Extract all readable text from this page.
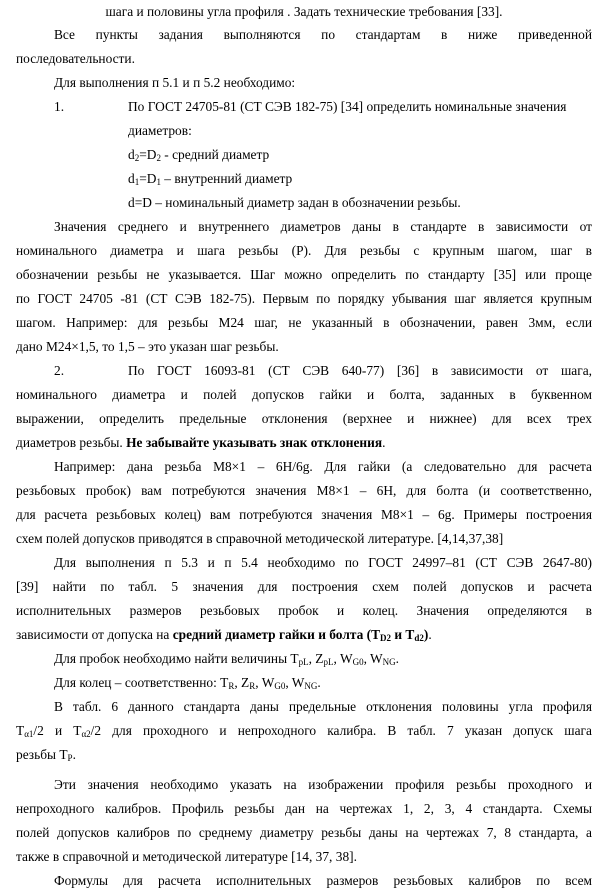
шага и половины угла профиля . Задать технические требования [33].
Все пункты задания выполняются по стандартам в ниже приведенной
последовательности.
Для выполнения п 5.1 и п 5.2 необходимо:
1.	По ГОСТ 24705-81 (СТ СЭВ 182-75) [34] определить номинальные значения
диаметров:
$d_2=D_2$ - средний диаметр
$d_1=D_1$ – внутренний диаметр
d=D – номинальный диаметр задан в обозначении резьбы.
Значения среднего и внутреннего диаметров даны в стандарте в зависимости от
номинального диаметра и шага резьбы (Р). Для резьбы с крупным шагом, шаг в
обозначении резьбы не указывается. Шаг можно определить по стандарту [35] или проще
по ГОСТ 24705 -81 (СТ СЭВ 182-75). Первым по порядку убывания шаг является крупным
шагом. Например: для резьбы М24 шаг, не указанный в обозначении, равен 3мм, если
дано М24×1,5, то 1,5 – это указан шаг резьбы.
2.	По ГОСТ 16093-81 (СТ СЭВ 640-77) [36] в зависимости от шага,
номинального диаметра и полей допусков гайки и болта, заданных в буквенном
выражении, определить предельные отклонения (верхнее и нижнее) для всех трех
диаметров резьбы. Не забывайте указывать знак отклонения.
Например: дана резьба М8×1 – 6Н/6g. Для гайки (а следовательно для расчета
резьбовых пробок) вам потребуются значения М8×1 – 6Н, для болта (и соответственно,
для расчета резьбовых колец) вам потребуются значения М8×1 – 6g. Примеры построения
схем полей допусков приводятся в справочной методической литературе. [4,14,37,38]
Для выполнения п 5.3 и п 5.4 необходимо по ГОСТ 24997–81 (СТ СЭВ 2647-80)
[39] найти по табл. 5 значения для построения схем полей допусков и расчета
исполнительных размеров резьбовых пробок и колец. Значения определяются в
зависимости от допуска на средний диаметр гайки и болта ($T_{D2}$ и $T_{d2}$).
Для пробок необходимо найти величины $T_{pL}$, $Z_{pL}$, $W_{G0}$, $W_{NG}$.
Для колец – соответственно: $T_R$, $Z_R$, $W_{G0}$, $W_{NG}$.
В табл. 6 данного стандарта даны предельные отклонения половины угла профиля
$T_{\alpha 1}/2$ и $T_{\alpha 2}/2$ для проходного и непроходного калибра. В табл. 7 указан допуск шага
резьбы $T_P$.
Эти значения необходимо указать на изображении профиля резьбы проходного и
непроходного калибров. Профиль резьбы дан на чертежах 1, 2, 3, 4 стандарта. Схемы
полей допусков калибров по среднему диаметру резьбы даны на чертежах 7, 8 стандарта, а
также в справочной и методической литературе [14, 37, 38].
Формулы для расчета исполнительных размеров резьбовых калибров по всем
